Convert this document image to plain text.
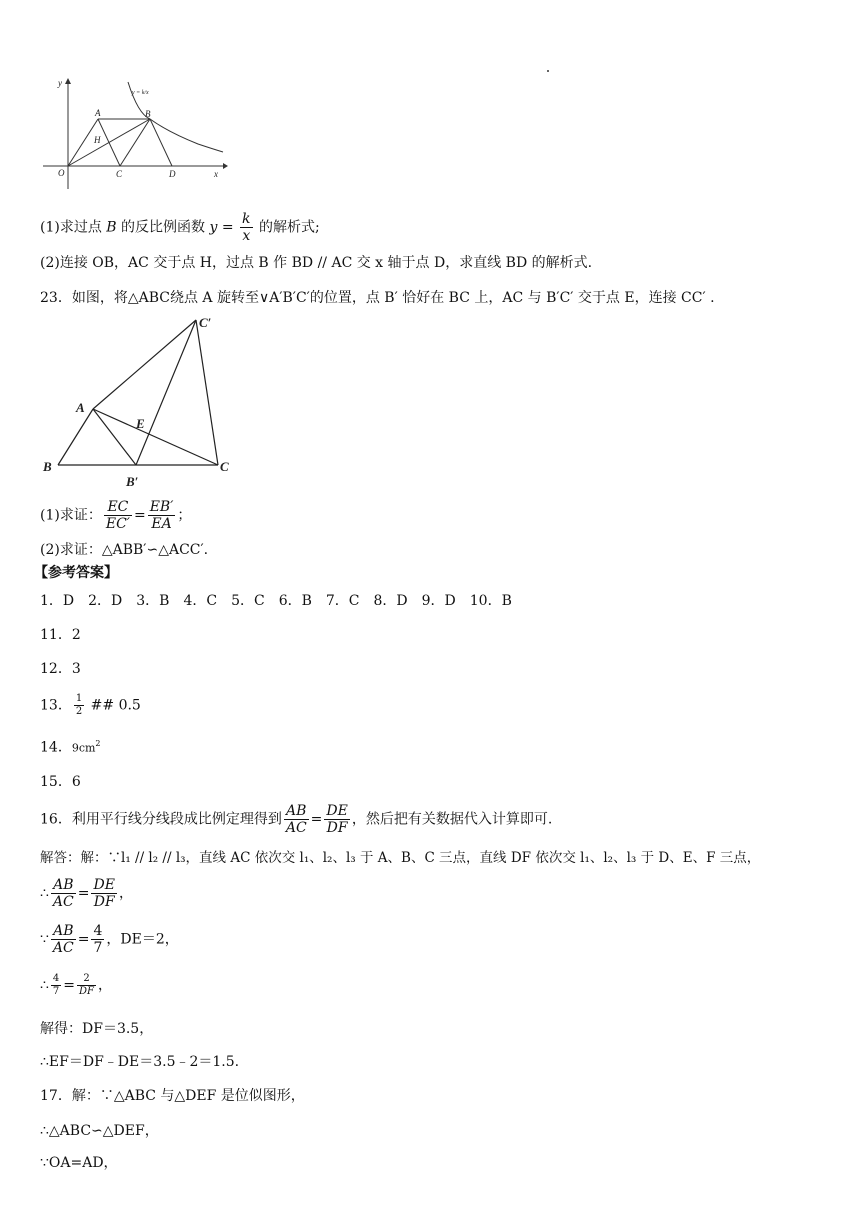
y
x
O
A	B
H
C	D
y = k/x
(1)求过点 B 的反比例函数 $y = \frac{k}{x}$ 的解析式;
(2)连接 OB，AC 交于点 H，过点 B 作 BD // AC 交 x 轴于点 D，求直线 BD 的解析式.
23．如图，将△ABC绕点 A 旋转至∨A′B′C′的位置，点 B′ 恰好在 BC 上，AC 与 B′C′ 交于点 E，连接 CC′ .
C′
A
E
B
B′
C
(1)求证： $\frac{EC}{EC'} = \frac{EB'}{EA}$ ；
(2)求证：△ABB′∽△ACC′.
【参考答案】
1．D　2．D　3．B　4．C　5．C　6．B　7．C　8．D　9．D　10．B
11．2
12．3
13． $\frac{1}{2}$ ## 0.5
14．$9cm^2$
15．6
16．利用平行线分线段成比例定理得到 $\frac{AB}{AC} = \frac{DE}{DF}$ ，然后把有关数据代入计算即可.
解答：解：∵l₁ // l₂ // l₃，直线 AC 依次交 l₁、l₂、l₃ 于 A、B、C 三点，直线 DF 依次交 l₁、l₂、l₃ 于 D、E、F 三点，
∴ $\frac{AB}{AC} = \frac{DE}{DF}$ ，
∵ $\frac{AB}{AC} = \frac{4}{7}$ ，DE＝2，
∴ $\frac{4}{7} = \frac{2}{DF}$ ，
解得：DF＝3.5，
∴EF＝DF﹣DE＝3.5﹣2＝1.5.
17．解：∵△ABC 与△DEF 是位似图形，
∴△ABC∽△DEF，
∵OA=AD，
